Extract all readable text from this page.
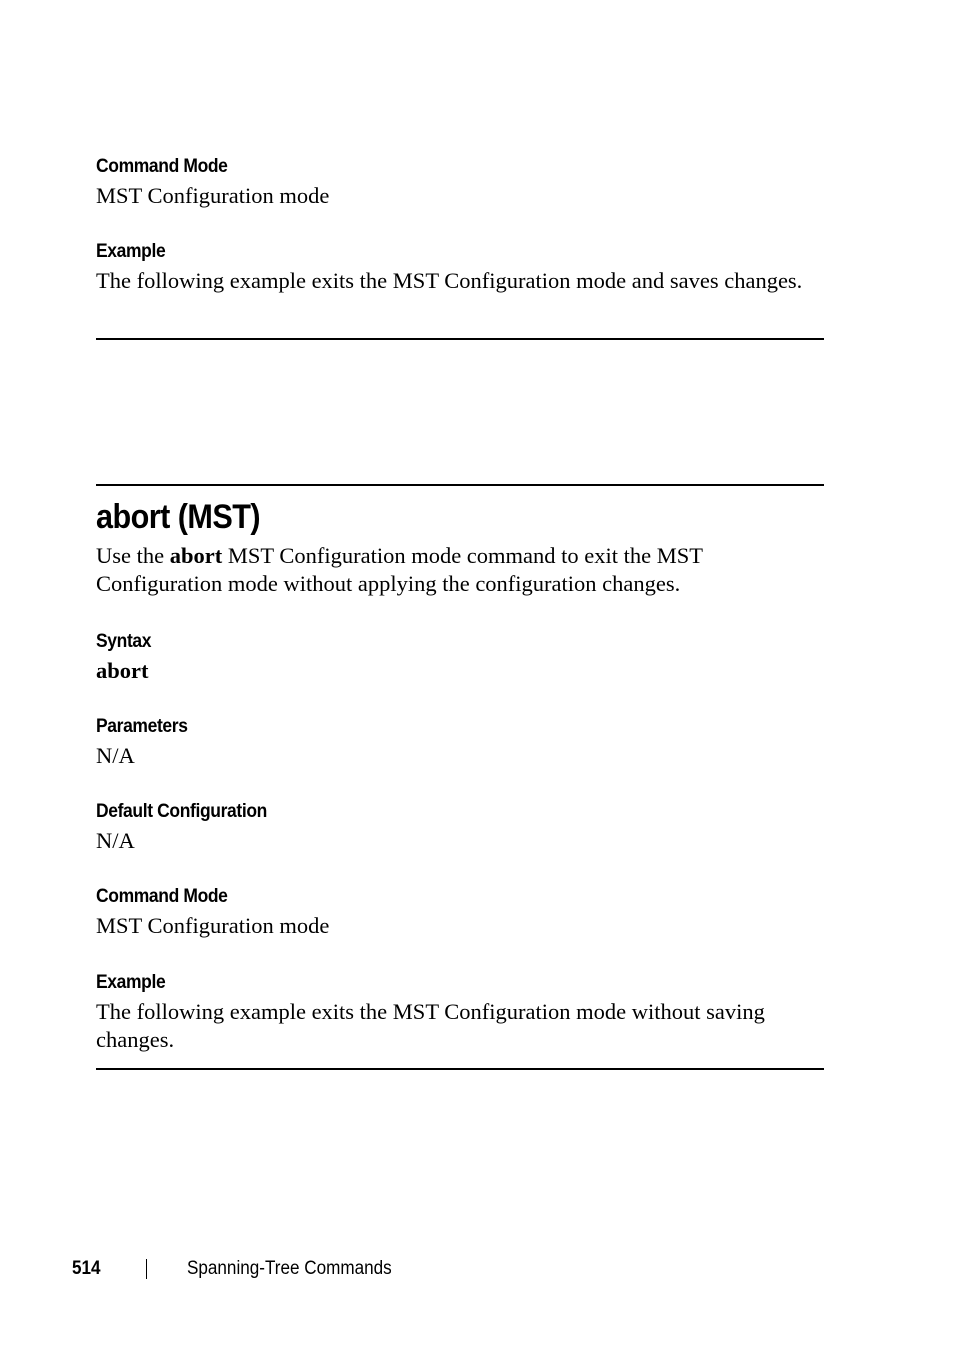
Command Mode
MST Configuration mode
Example
The following example exits the MST Configuration mode and saves changes.
abort (MST)
Use the abort MST Configuration mode command to exit the MST Configuration mode without applying the configuration changes.
Syntax
abort
Parameters
N/A
Default Configuration
N/A
Command Mode
MST Configuration mode
Example
The following example exits the MST Configuration mode without saving changes.
514	Spanning-Tree Commands
